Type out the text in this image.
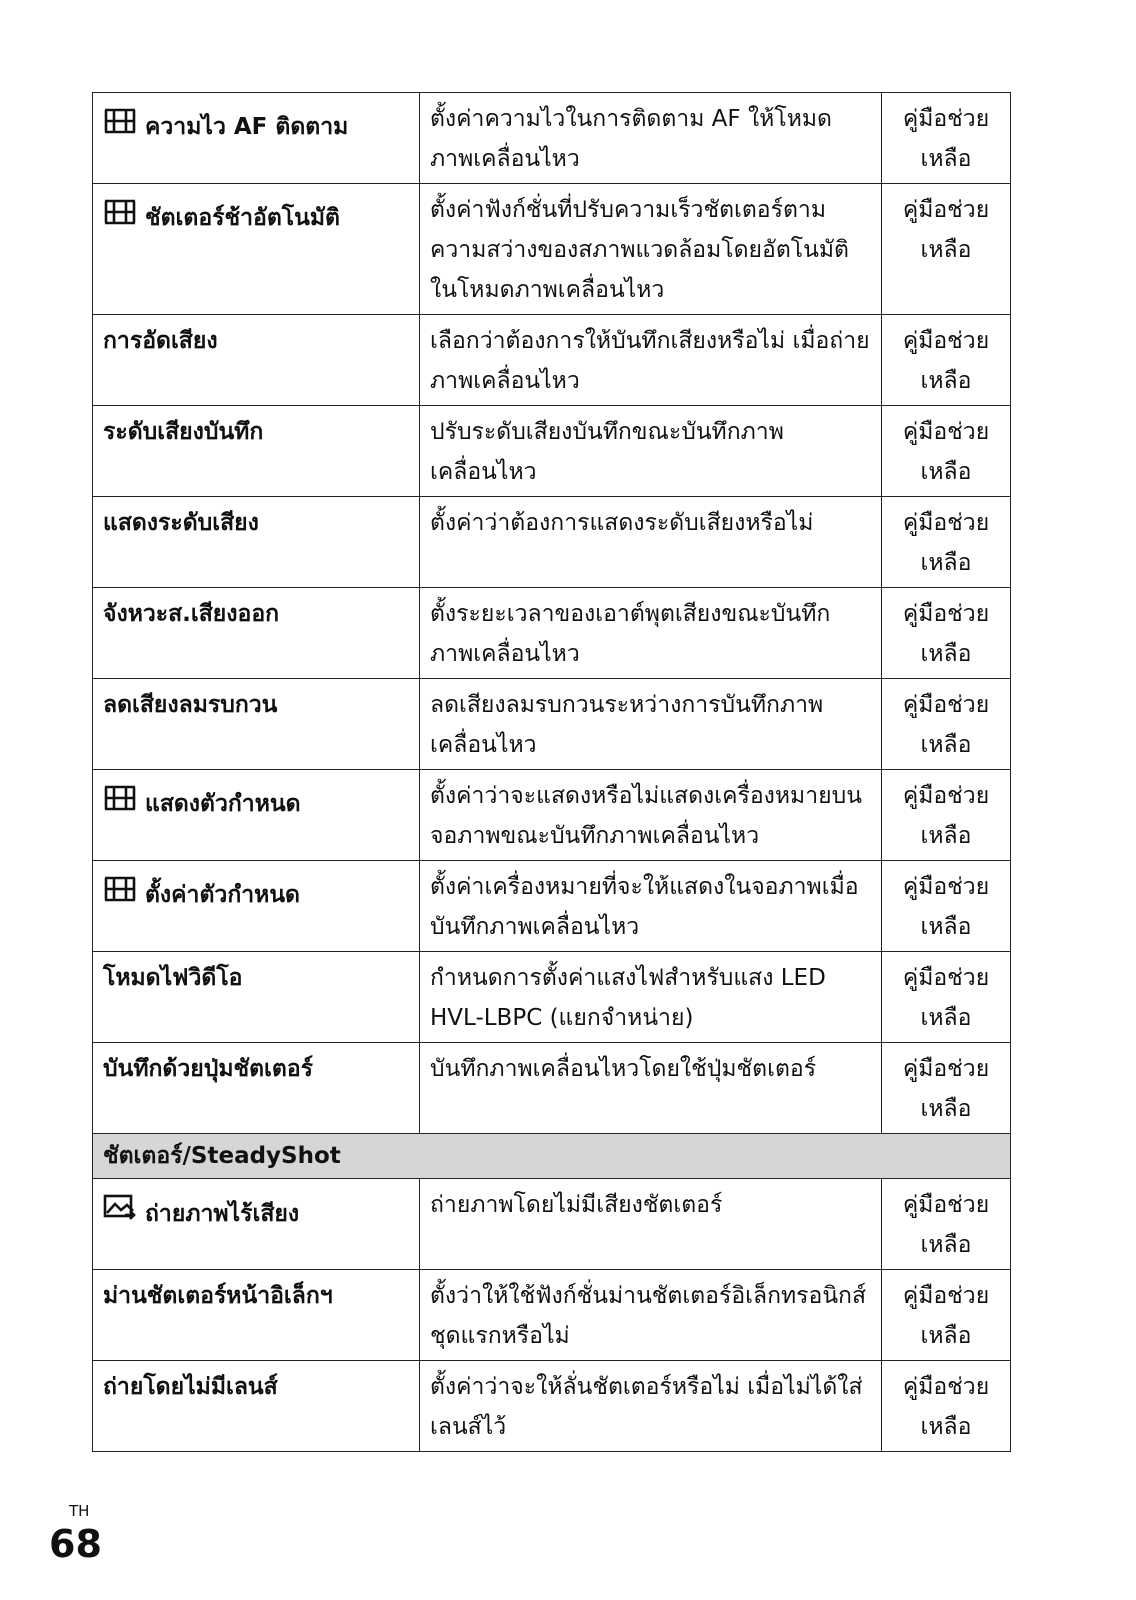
ความไว AF ติดตาม	ตั้งค่าความไวในการติดตาม AF ให้โหมดภาพเคลื่อนไหว	คู่มือช่วยเหลือ

ชัตเตอร์ช้าอัตโนมัติ	ตั้งค่าฟังก์ชั่นที่ปรับความเร็วชัตเตอร์ตามความสว่างของสภาพแวดล้อมโดยอัตโนมัติในโหมดภาพเคลื่อนไหว	คู่มือช่วยเหลือ

การอัดเสียง	เลือกว่าต้องการให้บันทึกเสียงหรือไม่ เมื่อถ่ายภาพเคลื่อนไหว	คู่มือช่วยเหลือ

ระดับเสียงบันทึก	ปรับระดับเสียงบันทึกขณะบันทึกภาพเคลื่อนไหว	คู่มือช่วยเหลือ

แสดงระดับเสียง	ตั้งค่าว่าต้องการแสดงระดับเสียงหรือไม่	คู่มือช่วยเหลือ

จังหวะส.เสียงออก	ตั้งระยะเวลาของเอาต์พุตเสียงขณะบันทึกภาพเคลื่อนไหว	คู่มือช่วยเหลือ

ลดเสียงลมรบกวน	ลดเสียงลมรบกวนระหว่างการบันทึกภาพเคลื่อนไหว	คู่มือช่วยเหลือ

แสดงตัวกำหนด	ตั้งค่าว่าจะแสดงหรือไม่แสดงเครื่องหมายบนจอภาพขณะบันทึกภาพเคลื่อนไหว	คู่มือช่วยเหลือ

ตั้งค่าตัวกำหนด	ตั้งค่าเครื่องหมายที่จะให้แสดงในจอภาพเมื่อบันทึกภาพเคลื่อนไหว	คู่มือช่วยเหลือ

โหมดไฟวิดีโอ	กำหนดการตั้งค่าแสงไฟสำหรับแสง LED HVL-LBPC (แยกจำหน่าย)	คู่มือช่วยเหลือ

บันทึกด้วยปุ่มชัตเตอร์	บันทึกภาพเคลื่อนไหวโดยใช้ปุ่มชัตเตอร์	คู่มือช่วยเหลือ
ชัตเตอร์/SteadyShot		

ถ่ายภาพไร้เสียง	ถ่ายภาพโดยไม่มีเสียงชัตเตอร์	คู่มือช่วยเหลือ

ม่านชัตเตอร์หน้าอิเล็กฯ	ตั้งว่าให้ใช้ฟังก์ชั่นม่านชัตเตอร์อิเล็กทรอนิกส์ชุดแรกหรือไม่	คู่มือช่วยเหลือ

ถ่ายโดยไม่มีเลนส์	ตั้งค่าว่าจะให้ลั่นชัตเตอร์หรือไม่ เมื่อไม่ได้ใส่เลนส์ไว้	คู่มือช่วยเหลือ
TH
68
